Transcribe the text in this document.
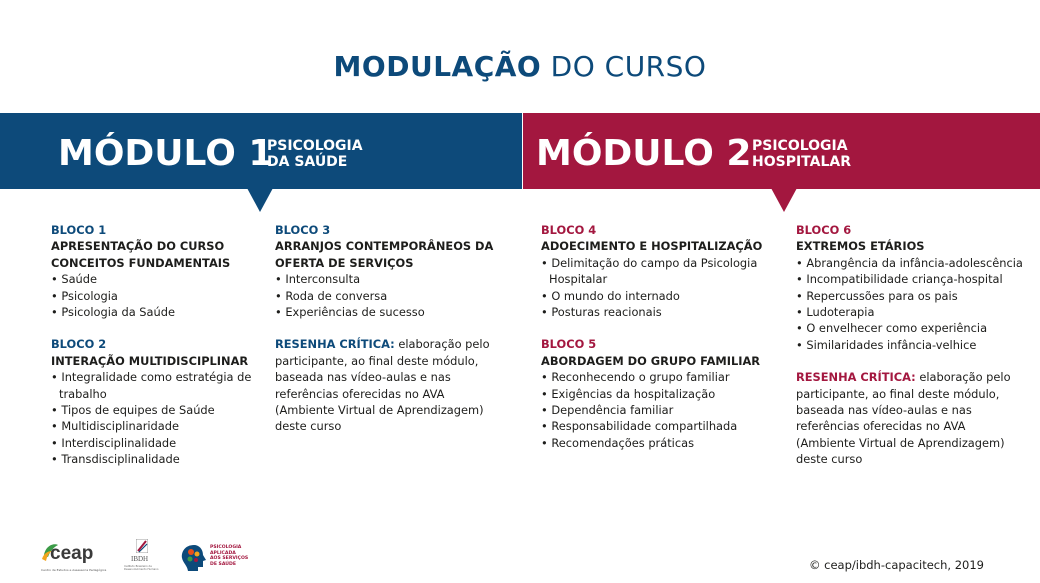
MODULAÇÃO DO CURSO
MÓDULO 1
PSICOLOGIA
DA SAÚDE	MÓDULO 2 PSICOLOGIA
HOSPITALAR
BLOCO 1
APRESENTAÇÃO DO CURSO
CONCEITOS FUNDAMENTAIS
• Saúde
• Psicologia
• Psicologia da Saúde
BLOCO 2
INTERAÇÃO MULTIDISCIPLINAR
• Integralidade como estratégia de trabalho
• Tipos de equipes de Saúde
• Multidisciplinaridade
• Interdisciplinalidade
• Transdisciplinalidade
BLOCO 3
ARRANJOS CONTEMPORÂNEOS DA
OFERTA DE SERVIÇOS
• Interconsulta
• Roda de conversa
• Experiências de sucesso
RESENHA CRÍTICA: elaboração pelo participante, ao final deste módulo, baseada nas vídeo-aulas e nas referências oferecidas no AVA (Ambiente Virtual de Aprendizagem) deste curso
BLOCO 4
ADOECIMENTO E HOSPITALIZAÇÃO
• Delimitação do campo da Psicologia Hospitalar
• O mundo do internado
• Posturas reacionais
BLOCO 5
ABORDAGEM DO GRUPO FAMILIAR
• Reconhecendo o grupo familiar
• Exigências da hospitalização
• Dependência familiar
• Responsabilidade compartilhada
• Recomendações práticas
BLOCO 6
EXTREMOS ETÁRIOS
• Abrangência da infância-adolescência
• Incompatibilidade criança-hospital
• Repercussões para os pais
• Ludoterapia
• O envelhecer como experiência
• Similaridades infância-velhice
RESENHA CRÍTICA: elaboração pelo participante, ao final deste módulo, baseada nas vídeo-aulas e nas referências oferecidas no AVA (Ambiente Virtual de Aprendizagem) deste curso
ceap
Centro de Estudos e Assessoria Pedagógica
IBDH
Instituto Brasileiro de Desenvolvimento Humano
PSICOLOGIA
APLICADA
AOS SERVIÇOS
DE SAÚDE	© ceap/ibdh-capacitech, 2019
